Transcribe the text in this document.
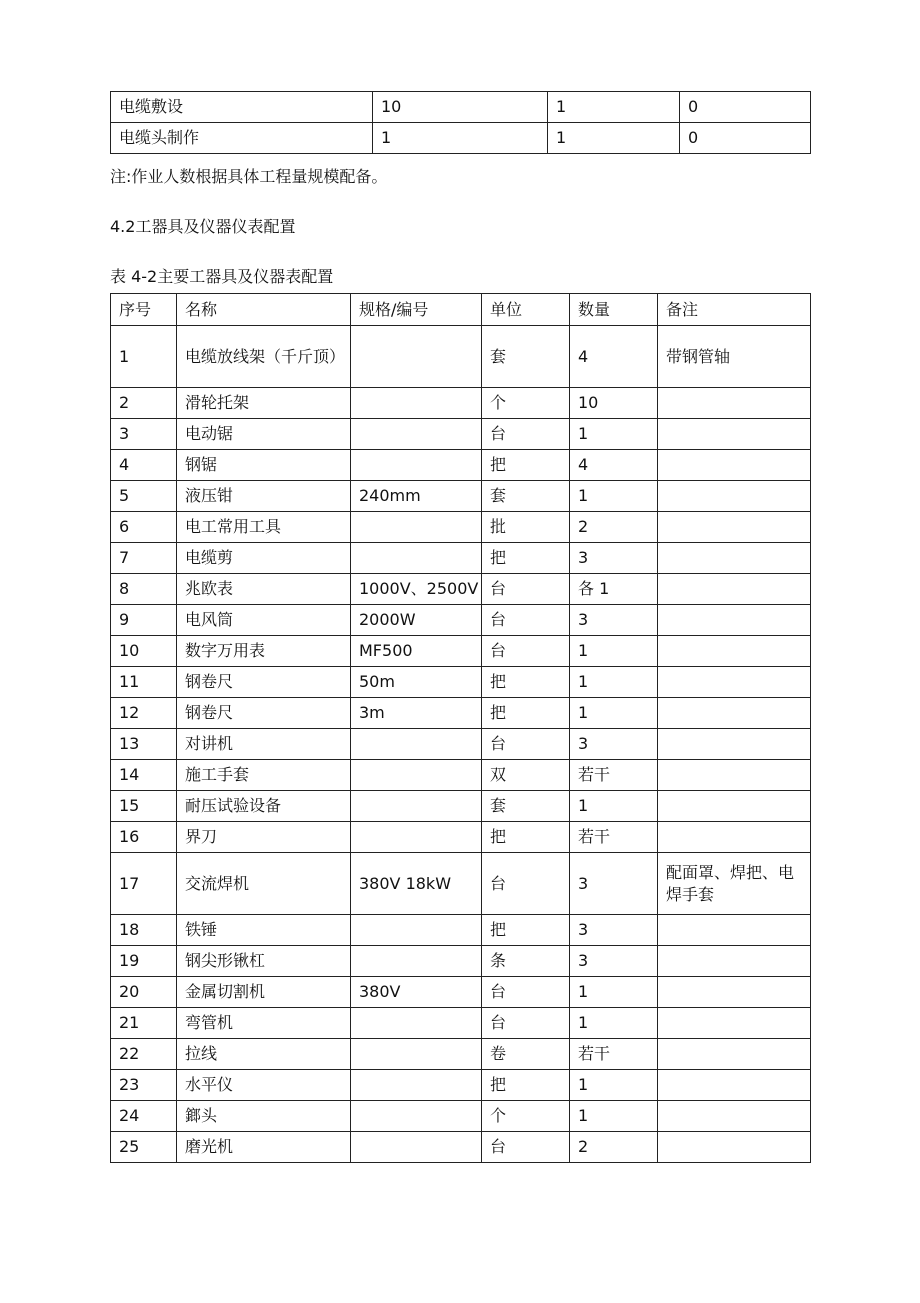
电缆敷设	10	1	0
电缆头制作	1	1	0

注:作业人数根据具体工程量规模配备。

4.2工器具及仪器仪表配置

表 4-2主要工器具及仪器表配置

序号	名称	规格/编号	单位	数量	备注
1	电缆放线架（千斤顶）		套	4	带钢管轴
2	滑轮托架		个	10	
3	电动锯		台	1	
4	钢锯		把	4	
5	液压钳	240mm	套	1	
6	电工常用工具		批	2	
7	电缆剪		把	3	
8	兆欧表	1000V、2500V	台	各 1	
9	电风筒	2000W	台	3	
10	数字万用表	MF500	台	1	
11	钢卷尺	50m	把	1	
12	钢卷尺	3m	把	1	
13	对讲机		台	3	
14	施工手套		双	若干	
15	耐压试验设备		套	1	
16	界刀		把	若干	
17	交流焊机	380V 18kW	台	3	配面罩、焊把、电焊手套
18	铁锤		把	3	
19	钢尖形锹杠		条	3	
20	金属切割机	380V	台	1	
21	弯管机		台	1	
22	拉线		卷	若干	
23	水平仪		把	1	
24	鎯头		个	1	
25	磨光机		台	2	
